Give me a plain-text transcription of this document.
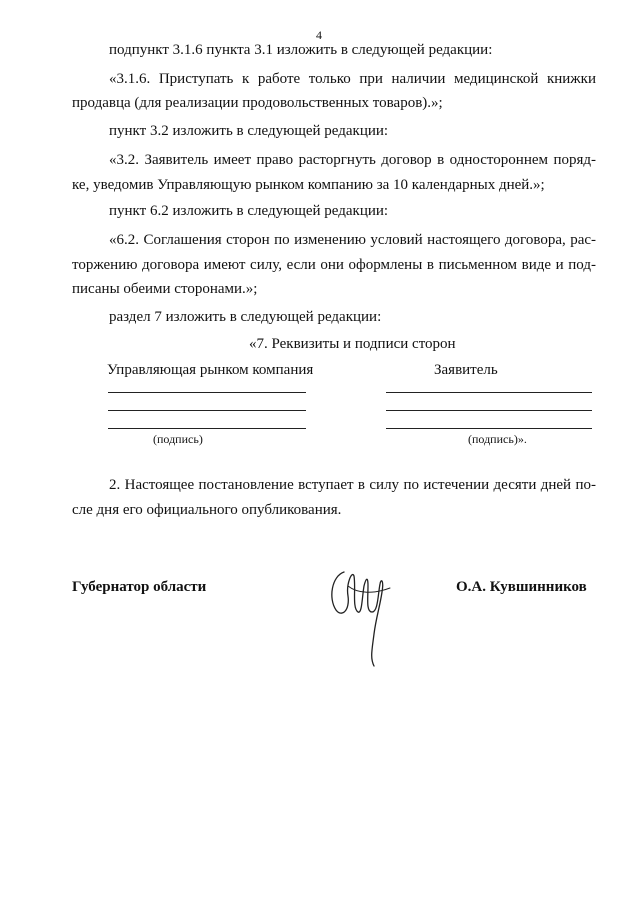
4
подпункт 3.1.6 пункта 3.1 изложить в следующей редакции:
«3.1.6. Приступать к работе только при наличии медицинской книжки
продавца (для реализации продовольственных товаров).»;
пункт 3.2 изложить в следующей редакции:
«3.2. Заявитель имеет право расторгнуть договор в одностороннем поряд-
ке, уведомив Управляющую рынком компанию за 10 календарных дней.»;
пункт 6.2 изложить в следующей редакции:
«6.2. Соглашения сторон по изменению условий настоящего договора, рас-
торжению договора имеют силу, если они оформлены в письменном виде и под-
писаны обеими сторонами.»;
раздел 7 изложить в следующей редакции:
«7. Реквизиты и подписи сторон
Управляющая рынком компания	Заявитель
(подпись)	(подпись)».
2. Настоящее постановление вступает в силу по истечении десяти дней по-
сле дня его официального опубликования.
Губернатор области	О.А. Кувшинников
